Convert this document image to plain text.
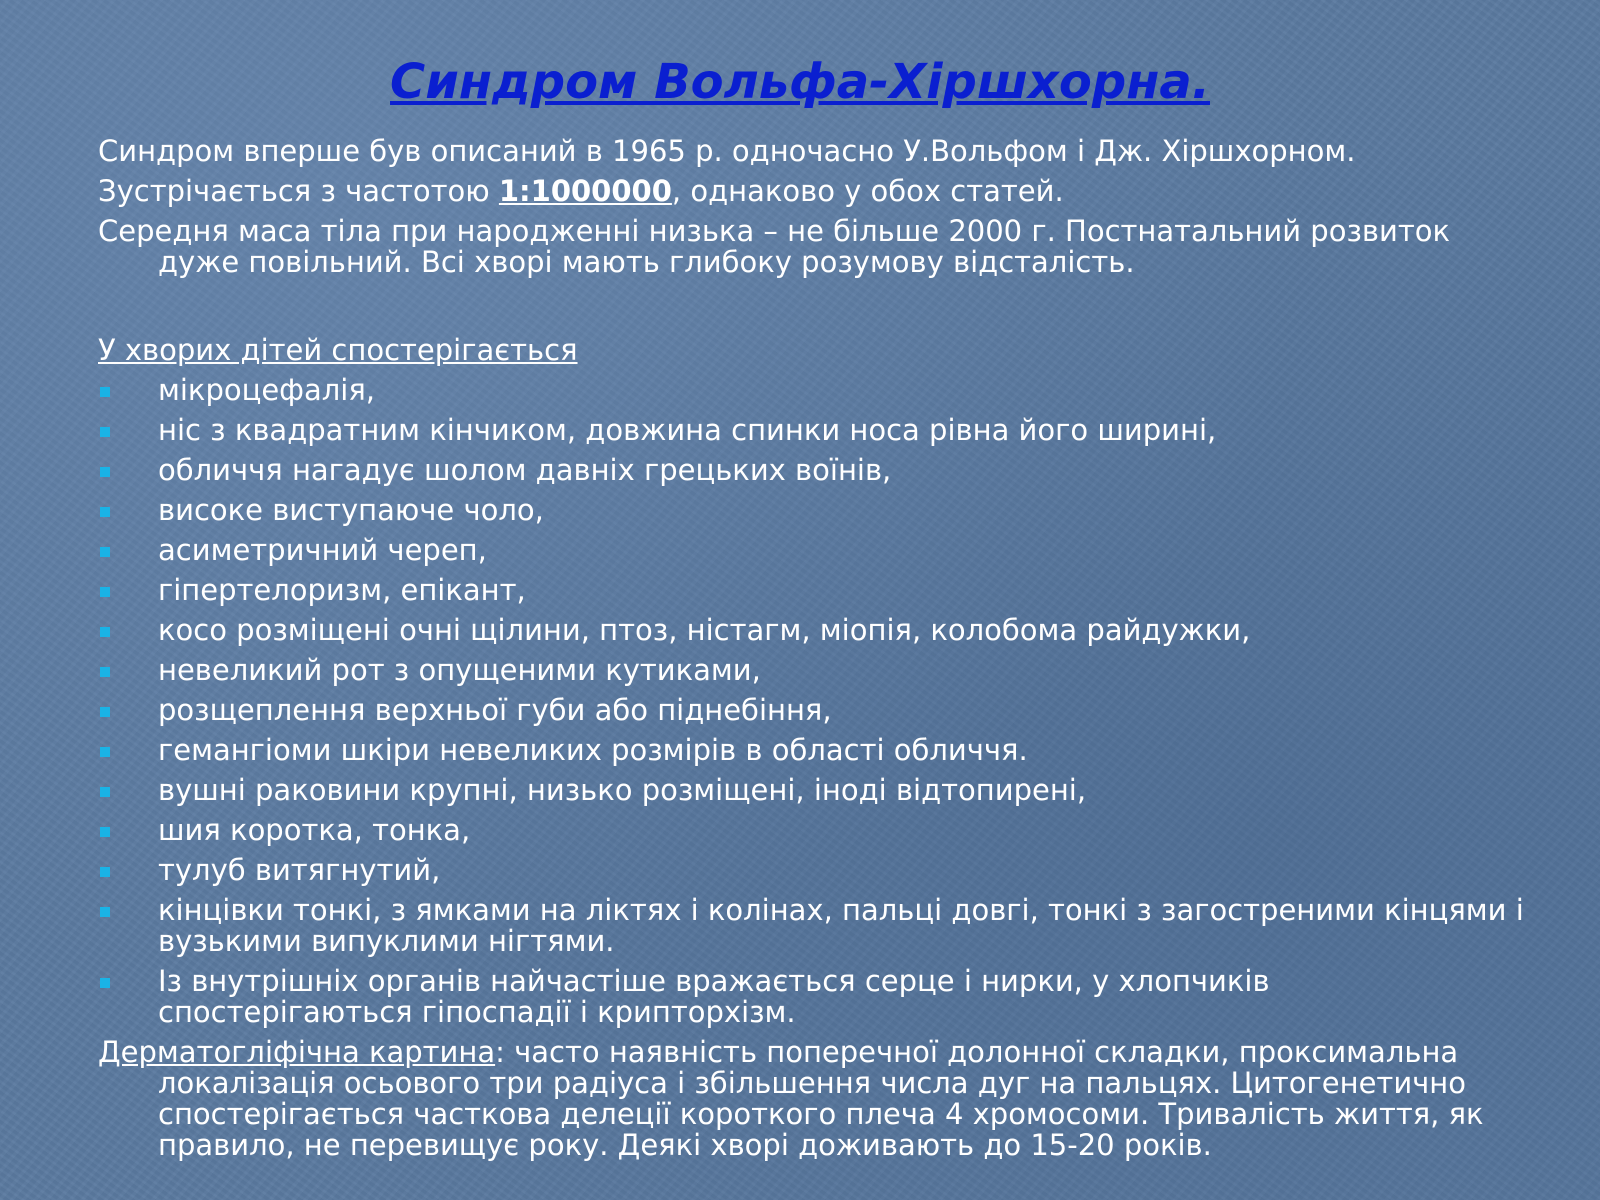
Синдром Вольфа-Хіршхорна.
Синдром вперше був описаний в 1965 р. одночасно У.Вольфом і Дж. Хіршхорном.
Зустрічається з частотою 1:1000000, однаково у обох статей.
Середня маса тіла при народженні низька – не більше 2000 г. Постнатальний розвиток дуже повільний. Всі хворі мають глибоку розумову відсталість.
У хворих дітей спостерігається
мікроцефалія,
ніс з квадратним кінчиком, довжина спинки носа рівна його ширині,
обличчя нагадує шолом давніх грецьких воїнів,
високе виступаюче чоло,
асиметричний череп,
гіпертелоризм, епікант,
косо розміщені очні щілини, птоз, ністагм, міопія, колобома райдужки,
невеликий рот з опущеними кутиками,
розщеплення верхньої губи або піднебіння,
гемангіоми шкіри невеликих розмірів в області обличчя.
вушні раковини крупні, низько розміщені, іноді відтопирені,
шия коротка, тонка,
тулуб витягнутий,
кінцівки тонкі, з ямками на ліктях і колінах, пальці довгі, тонкі з загостреними кінцями і вузькими випуклими нігтями.
Із внутрішніх органів найчастіше вражається серце і нирки, у хлопчиків спостерігаються гіпоспадії і крипторхізм.
Дерматогліфічна картина: часто наявність поперечної долонної складки, проксимальна локалізація осьового три радіуса і збільшення числа дуг на пальцях. Цитогенетично спостерігається часткова делеції короткого плеча 4 хромосоми. Тривалість життя, як правило, не перевищує року. Деякі хворі доживають до 15-20 років.
